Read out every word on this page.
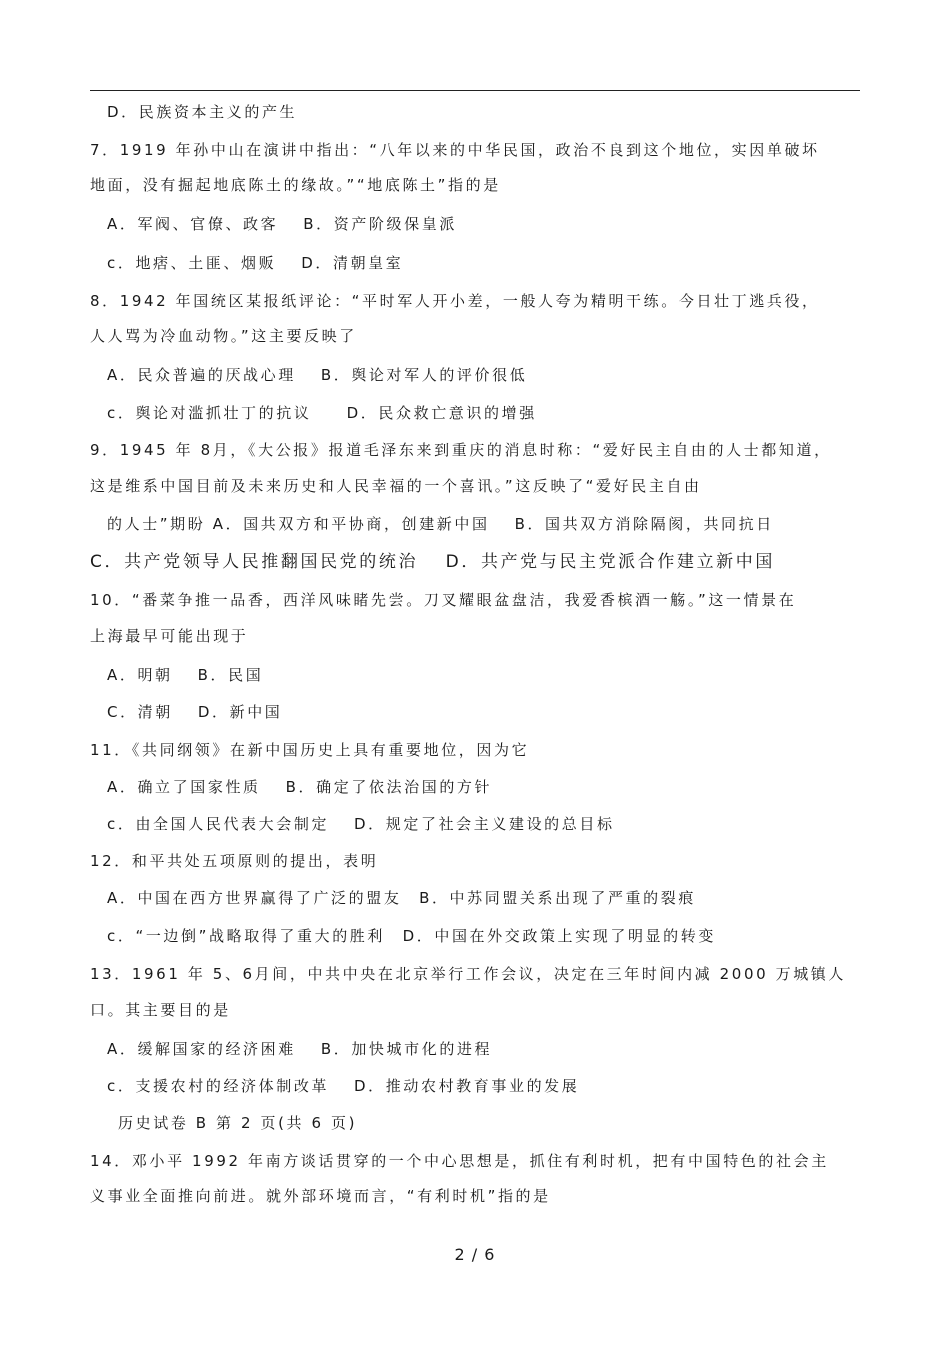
D．民族资本主义的产生
7．1919 年孙中山在演讲中指出：“八年以来的中华民国，政治不良到这个地位，实因单破坏
地面，没有掘起地底陈土的缘故。”“地底陈土”指的是
A．军阀、官僚、政客　 B．资产阶级保皇派
c．地痞、土匪、烟贩　 D．清朝皇室
8．1942 年国统区某报纸评论：“平时军人开小差，一般人夸为精明干练。今日壮丁逃兵役，
人人骂为冷血动物。”这主要反映了
A．民众普遍的厌战心理　 B．舆论对军人的评价很低
c．舆论对滥抓壮丁的抗议　　D．民众救亡意识的增强
9．1945 年 8月，《大公报》报道毛泽东来到重庆的消息时称：“爱好民主自由的人士都知道，
这是维系中国目前及未来历史和人民幸福的一个喜讯。”这反映了“爱好民主自由
的人士”期盼 A．国共双方和平协商，创建新中国　 B．国共双方消除隔阂，共同抗日
C．共产党领导人民推翻国民党的统治　 D．共产党与民主党派合作建立新中国
10．“番菜争推一品香，西洋风味睹先尝。刀叉耀眼盆盘洁，我爱香槟酒一觞。”这一情景在
上海最早可能出现于
A．明朝　 B．民国
C．清朝　 D．新中国
11．《共同纲领》在新中国历史上具有重要地位，因为它
A．确立了国家性质　 B．确定了依法治国的方针
c．由全国人民代表大会制定　 D．规定了社会主义建设的总目标
12．和平共处五项原则的提出，表明
A．中国在西方世界赢得了广泛的盟友　B．中苏同盟关系出现了严重的裂痕
c．“一边倒”战略取得了重大的胜利　D．中国在外交政策上实现了明显的转变
13．1961 年 5、6月间，中共中央在北京举行工作会议，决定在三年时间内减 2000 万城镇人
口。其主要目的是
A．缓解国家的经济困难　 B．加快城市化的进程
c．支援农村的经济体制改革　 D．推动农村教育事业的发展
历史试卷 B 第 2 页(共 6 页)
14．邓小平 1992 年南方谈话贯穿的一个中心思想是，抓住有利时机，把有中国特色的社会主
义事业全面推向前进。就外部环境而言，“有利时机”指的是
2 / 6
